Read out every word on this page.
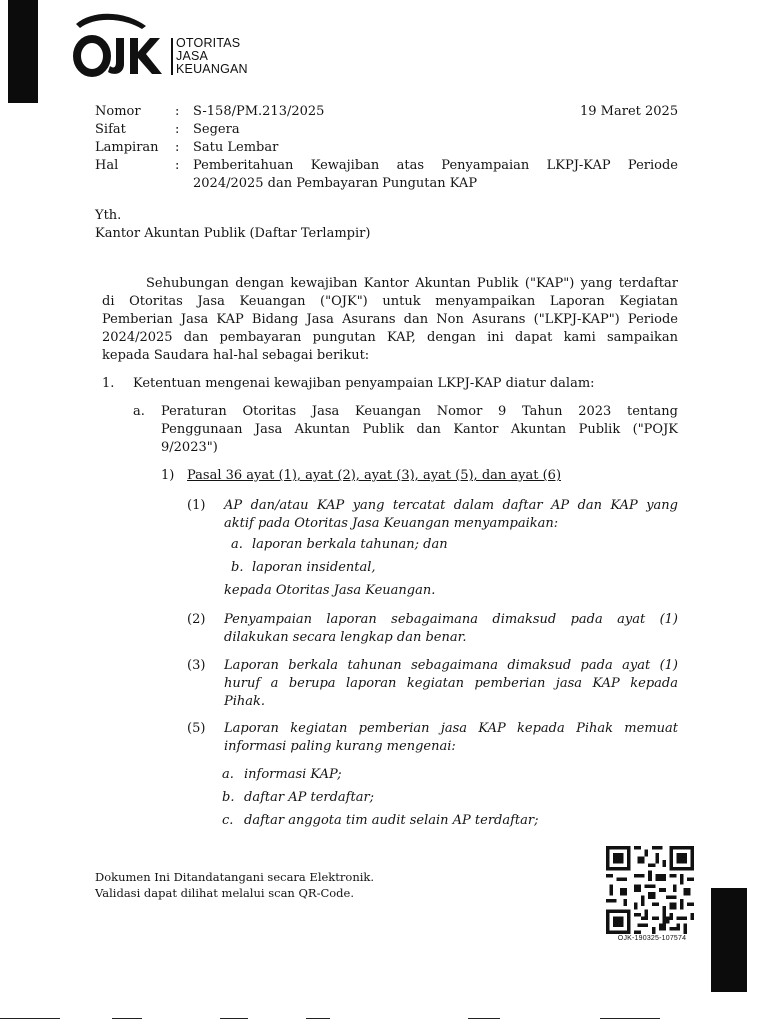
OTORITAS
JASA
KEUANGAN
Nomor	: S-158/PM.213/2025	19 Maret 2025
Sifat	: Segera
Lampiran : Satu Lembar
Hal	: Pemberitahuan Kewajiban atas Penyampaian LKPJ-KAP Periode
2024/2025 dan Pembayaran Pungutan KAP
Yth.
Kantor Akuntan Publik (Daftar Terlampir)
Sehubungan dengan kewajiban Kantor Akuntan Publik ("KAP") yang terdaftar
di Otoritas Jasa Keuangan ("OJK") untuk menyampaikan Laporan Kegiatan
Pemberian Jasa KAP Bidang Jasa Asurans dan Non Asurans ("LKPJ-KAP") Periode
2024/2025 dan pembayaran pungutan KAP, dengan ini dapat kami sampaikan
kepada Saudara hal-hal sebagai berikut:
1. Ketentuan mengenai kewajiban penyampaian LKPJ-KAP diatur dalam:
a. Peraturan Otoritas Jasa Keuangan Nomor 9 Tahun 2023 tentang
Penggunaan Jasa Akuntan Publik dan Kantor Akuntan Publik ("POJK
9/2023")
1) Pasal 36 ayat (1), ayat (2), ayat (3), ayat (5), dan ayat (6)
(1) AP dan/atau KAP yang tercatat dalam daftar AP dan KAP yang
aktif pada Otoritas Jasa Keuangan menyampaikan:
a. laporan berkala tahunan; dan
b. laporan insidental,
kepada Otoritas Jasa Keuangan.
(2) Penyampaian laporan sebagaimana dimaksud pada ayat (1)
dilakukan secara lengkap dan benar.
(3) Laporan berkala tahunan sebagaimana dimaksud pada ayat (1)
huruf a berupa laporan kegiatan pemberian jasa KAP kepada
Pihak.
(5) Laporan kegiatan pemberian jasa KAP kepada Pihak memuat
informasi paling kurang mengenai:
a. informasi KAP;
b. daftar AP terdaftar;
c. daftar anggota tim audit selain AP terdaftar;
Dokumen Ini Ditandatangani secara Elektronik.
Validasi dapat dilihat melalui scan QR-Code.
OJK-190325-107574
